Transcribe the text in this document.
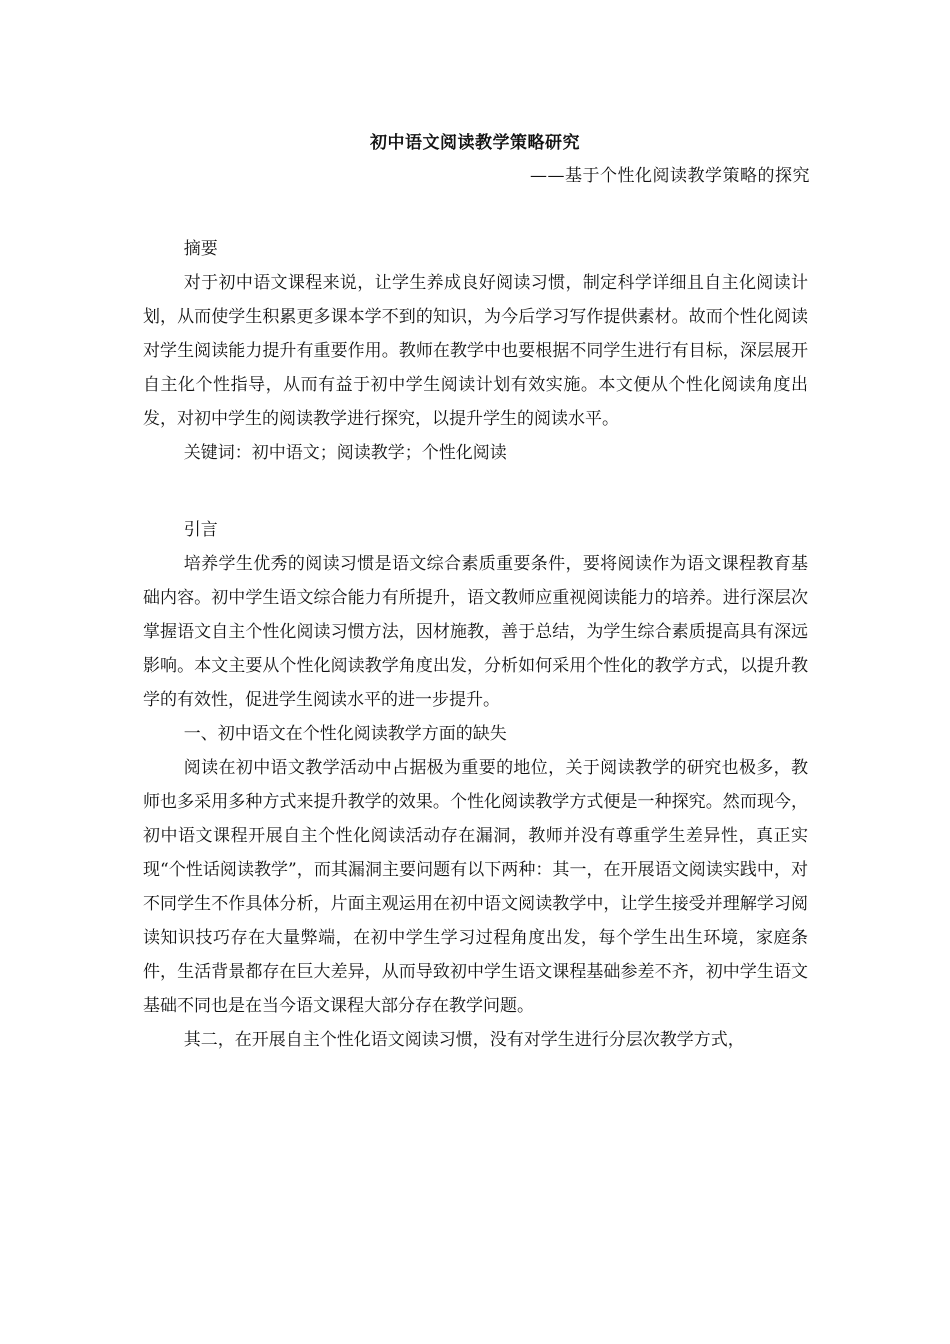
初中语文阅读教学策略研究
——基于个性化阅读教学策略的探究

摘要

对于初中语文课程来说，让学生养成良好阅读习惯，制定科学详细且自主化阅读计划，从而使学生积累更多课本学不到的知识，为今后学习写作提供素材。故而个性化阅读对学生阅读能力提升有重要作用。教师在教学中也要根据不同学生进行有目标，深层展开自主化个性指导，从而有益于初中学生阅读计划有效实施。本文便从个性化阅读角度出发，对初中学生的阅读教学进行探究，以提升学生的阅读水平。

关键词：初中语文；阅读教学；个性化阅读

引言

培养学生优秀的阅读习惯是语文综合素质重要条件，要将阅读作为语文课程教育基础内容。初中学生语文综合能力有所提升，语文教师应重视阅读能力的培养。进行深层次掌握语文自主个性化阅读习惯方法，因材施教，善于总结，为学生综合素质提高具有深远影响。本文主要从个性化阅读教学角度出发，分析如何采用个性化的教学方式，以提升教学的有效性，促进学生阅读水平的进一步提升。

一、初中语文在个性化阅读教学方面的缺失

阅读在初中语文教学活动中占据极为重要的地位，关于阅读教学的研究也极多，教师也多采用多种方式来提升教学的效果。个性化阅读教学方式便是一种探究。然而现今，初中语文课程开展自主个性化阅读活动存在漏洞，教师并没有尊重学生差异性，真正实现“个性话阅读教学”，而其漏洞主要问题有以下两种：其一，在开展语文阅读实践中，对不同学生不作具体分析，片面主观运用在初中语文阅读教学中，让学生接受并理解学习阅读知识技巧存在大量弊端，在初中学生学习过程角度出发，每个学生出生环境，家庭条件，生活背景都存在巨大差异，从而导致初中学生语文课程基础参差不齐，初中学生语文基础不同也是在当今语文课程大部分存在教学问题。

其二，在开展自主个性化语文阅读习惯，没有对学生进行分层次教学方式，
